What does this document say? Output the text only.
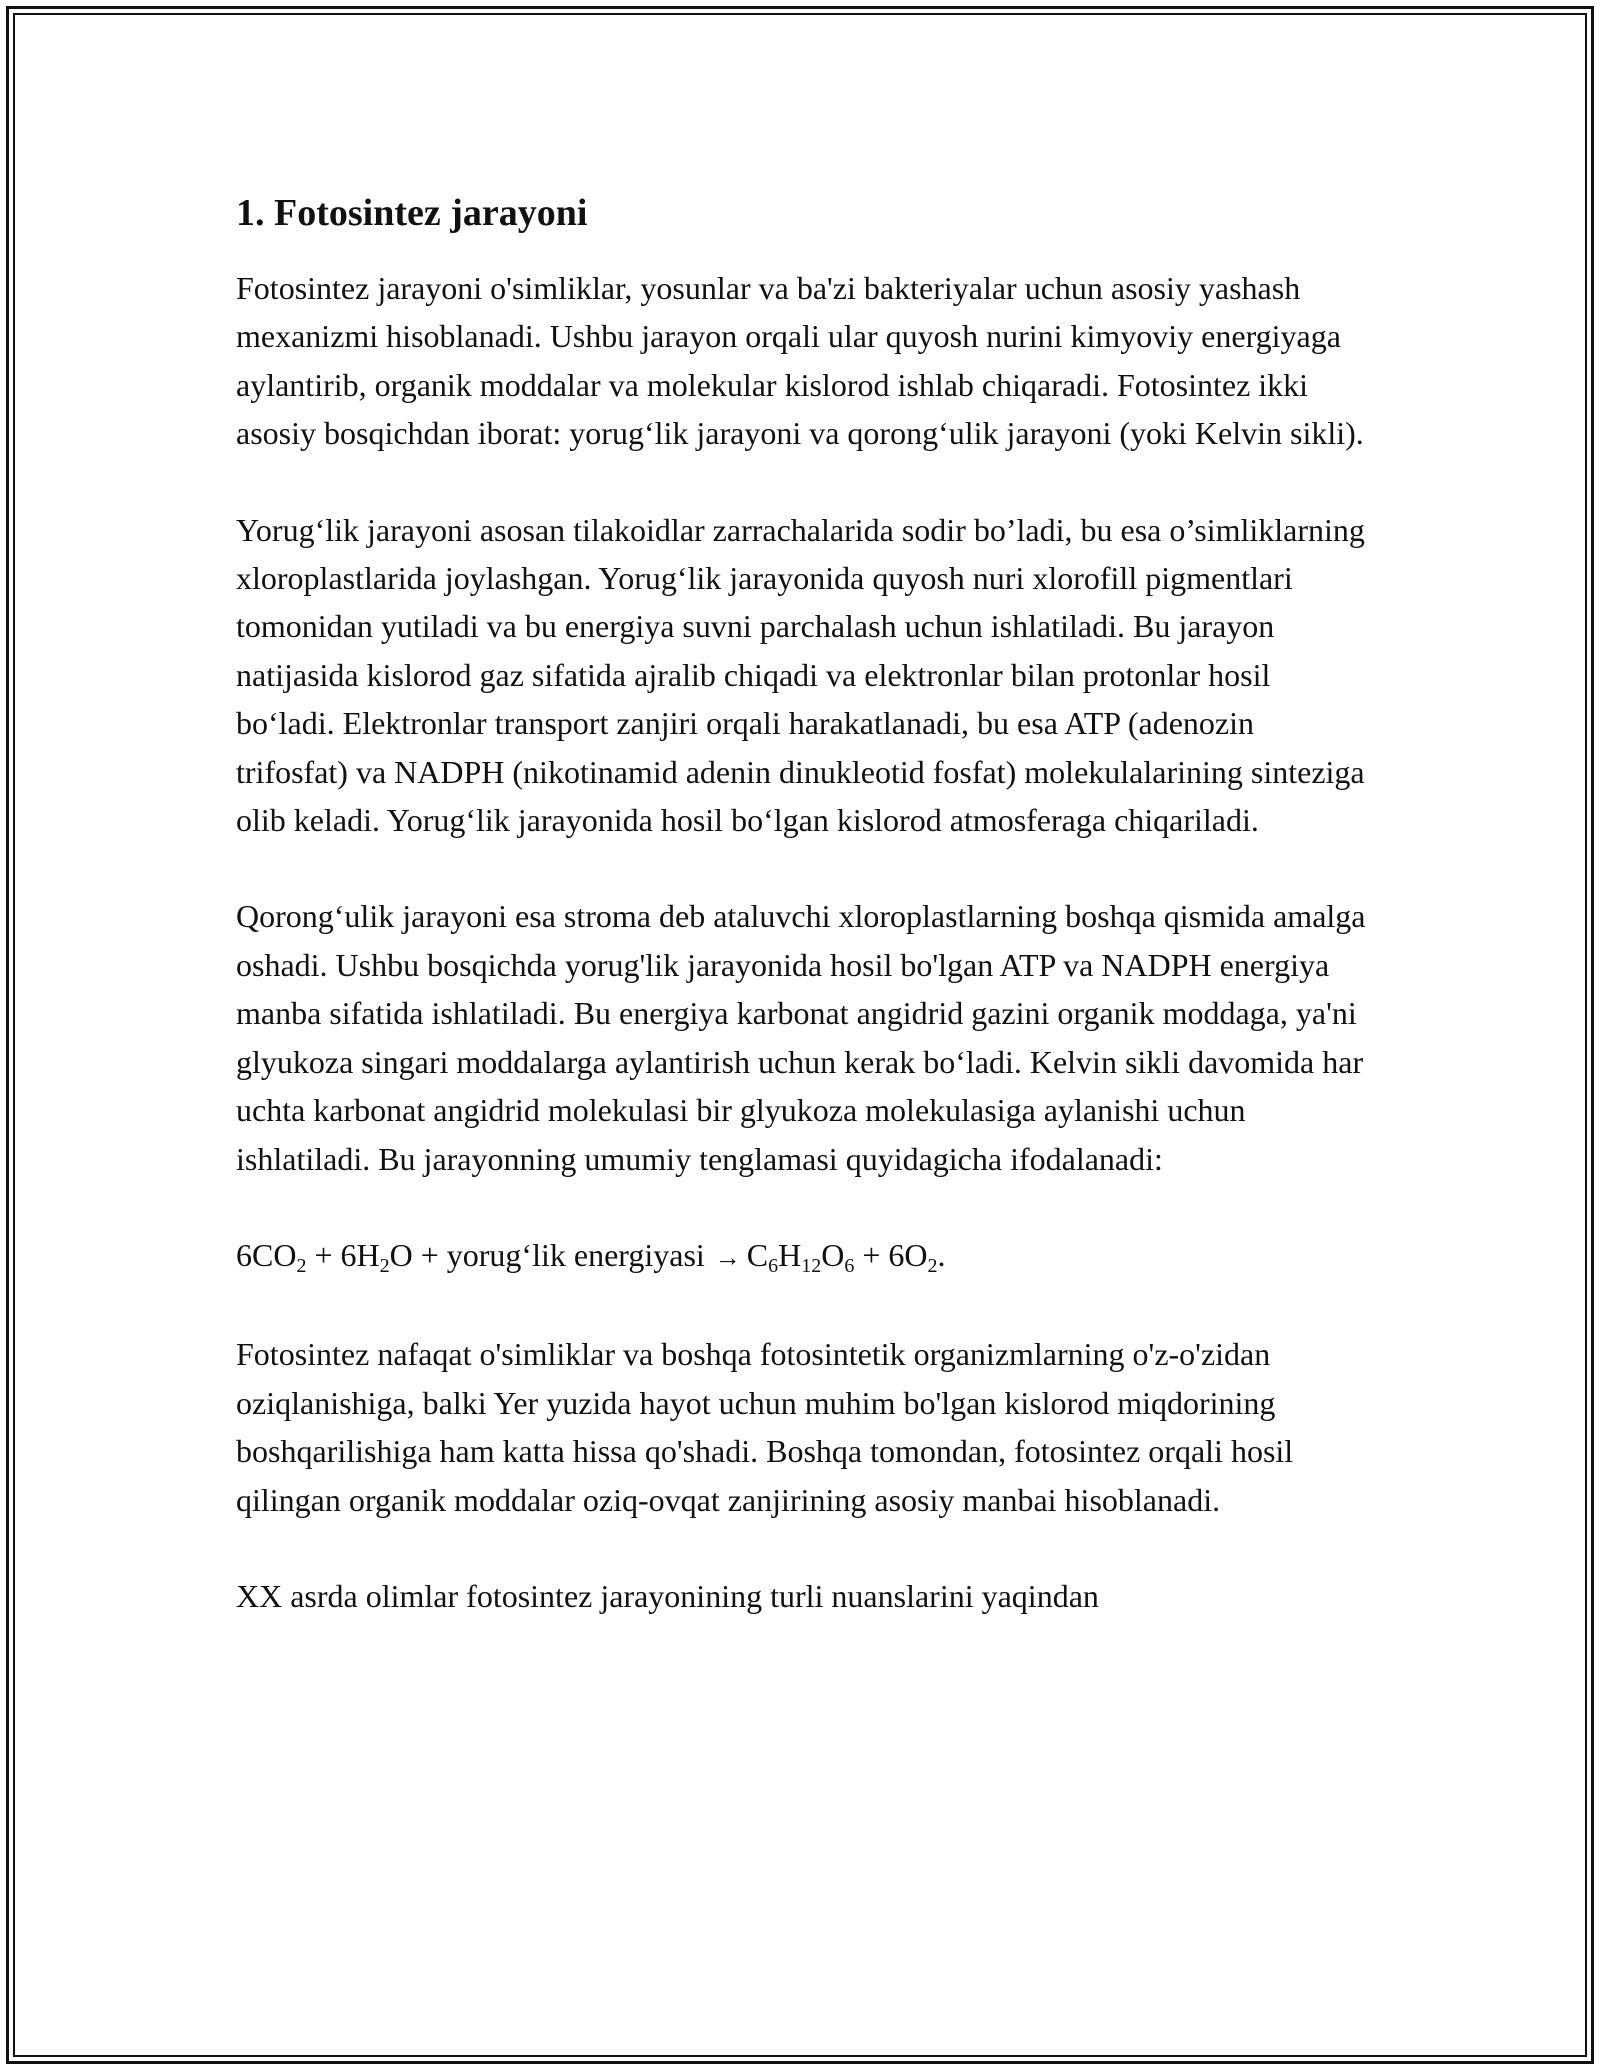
1. Fotosintez jarayoni

Fotosintez jarayoni o'simliklar, yosunlar va ba'zi bakteriyalar uchun asosiy yashash mexanizmi hisoblanadi. Ushbu jarayon orqali ular quyosh nurini kimyoviy energiyaga aylantirib, organik moddalar va molekular kislorod ishlab chiqaradi. Fotosintez ikki asosiy bosqichdan iborat: yorug‘lik jarayoni va qorong‘ulik jarayoni (yoki Kelvin sikli).

Yorug‘lik jarayoni asosan tilakoidlar zarrachalarida sodir bo’ladi, bu esa o’simliklarning xloroplastlarida joylashgan. Yorug‘lik jarayonida quyosh nuri xlorofill pigmentlari tomonidan yutiladi va bu energiya suvni parchalash uchun ishlatiladi. Bu jarayon natijasida kislorod gaz sifatida ajralib chiqadi va elektronlar bilan protonlar hosil bo‘ladi. Elektronlar transport zanjiri orqali harakatlanadi, bu esa ATP (adenozin trifosfat) va NADPH (nikotinamid adenin dinukleotid fosfat) molekulalarining sinteziga olib keladi. Yorug‘lik jarayonida hosil bo‘lgan kislorod atmosferaga chiqariladi.

Qorong‘ulik jarayoni esa stroma deb ataluvchi xloroplastlarning boshqa qismida amalga oshadi. Ushbu bosqichda yorug'lik jarayonida hosil bo'lgan ATP va NADPH energiya manba sifatida ishlatiladi. Bu energiya karbonat angidrid gazini organik moddaga, ya'ni glyukoza singari moddalarga aylantirish uchun kerak bo‘ladi. Kelvin sikli davomida har uchta karbonat angidrid molekulasi bir glyukoza molekulasiga aylanishi uchun ishlatiladi. Bu jarayonning umumiy tenglamasi quyidagicha ifodalanadi:

$6CO_2 + 6H_2O$ + yorug‘lik energiyasi → $C_6H_{12}O_6 + 6O_2$.

Fotosintez nafaqat o'simliklar va boshqa fotosintetik organizmlarning o'z-o'zidan oziqlanishiga, balki Yer yuzida hayot uchun muhim bo'lgan kislorod miqdorining boshqarilishiga ham katta hissa qo'shadi. Boshqa tomondan, fotosintez orqali hosil qilingan organik moddalar oziq-ovqat zanjirining asosiy manbai hisoblanadi.

XX asrda olimlar fotosintez jarayonining turli nuanslarini yaqindan
